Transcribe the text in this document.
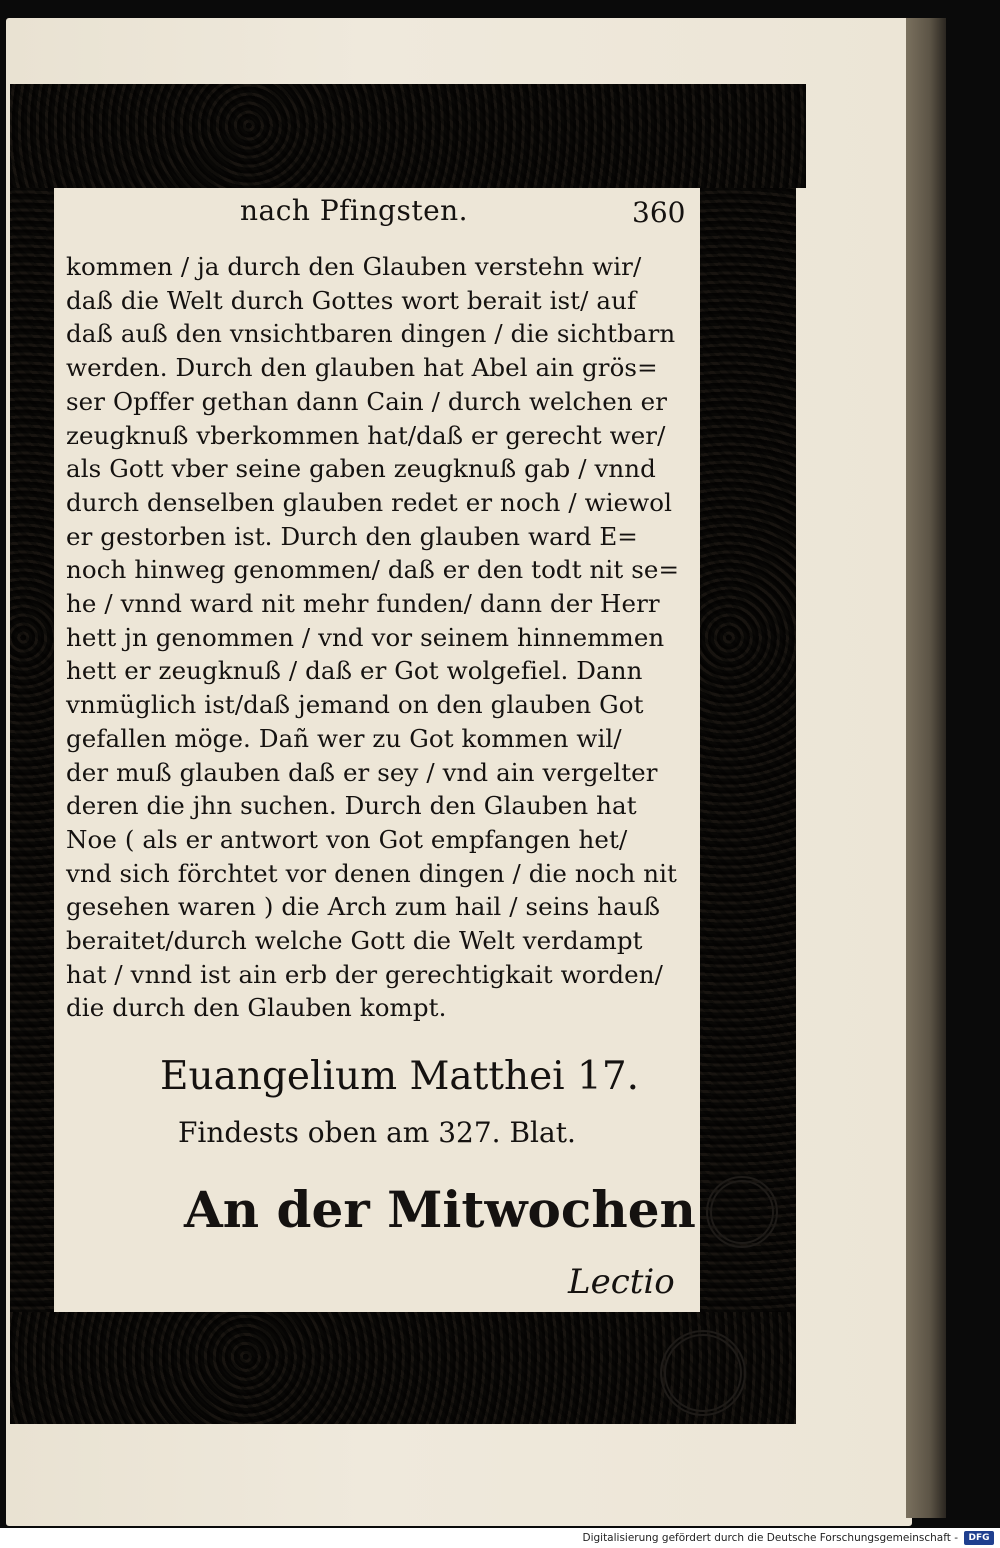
nach Pfingsten.	360
kommen / ja durch den Glauben verstehn wir/
daß die Welt durch Gottes wort berait ist/ auf
daß auß den vnsichtbaren dingen / die sichtbarn
werden. Durch den glauben hat Abel ain grös=
ser Opffer gethan dann Cain / durch welchen er
zeugknuß vberkommen hat/daß er gerecht wer/
als Gott vber seine gaben zeugknuß gab / vnnd
durch denselben glauben redet er noch / wiewol
er gestorben ist. Durch den glauben ward E=
noch hinweg genommen/ daß er den todt nit se=
he / vnnd ward nit mehr funden/ dann der Herr
hett jn genommen / vnd vor seinem hinnemmen
hett er zeugknuß / daß er Got wolgefiel. Dann
vnmüglich ist/daß jemand on den glauben Got
gefallen möge. Dañ wer zu Got kommen wil/
der muß glauben daß er sey / vnd ain vergelter
deren die jhn suchen. Durch den Glauben hat
Noe ( als er antwort von Got empfangen het/
vnd sich förchtet vor denen dingen / die noch nit
gesehen waren ) die Arch zum hail / seins hauß
beraitet/durch welche Gott die Welt verdampt
hat / vnnd ist ain erb der gerechtigkait worden/
die durch den Glauben kompt.
Euangelium Matthei 17.
Findests oben am 327. Blat.
An der Mitwochen
Lectio
Digitalisierung gefördert durch die Deutsche Forschungsgemeinschaft -	DFG
